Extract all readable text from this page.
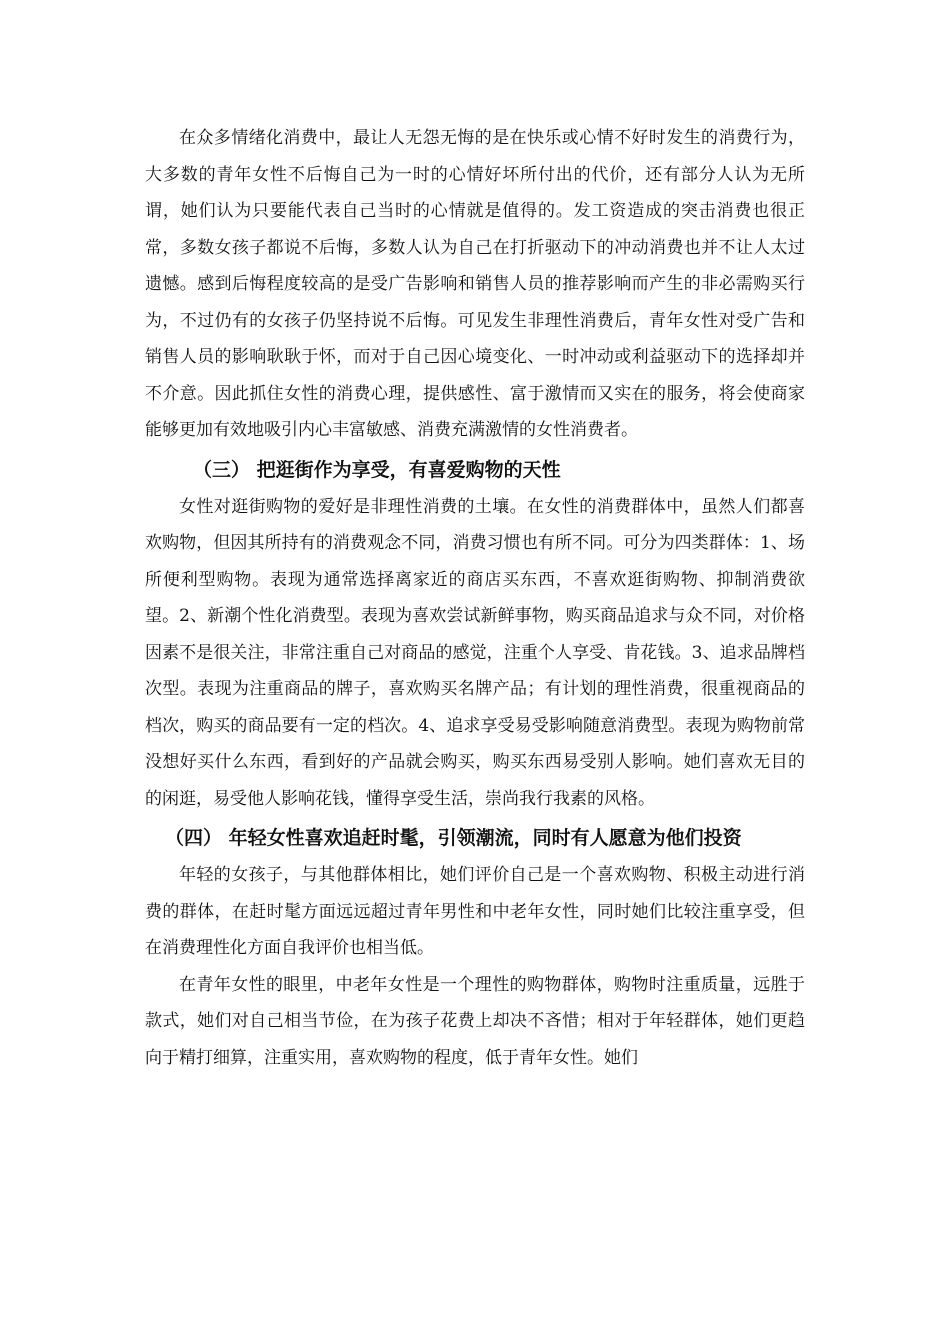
在众多情绪化消费中，最让人无怨无悔的是在快乐或心情不好时发生的消费行为，大多数的青年女性不后悔自己为一时的心情好坏所付出的代价，还有部分人认为无所谓，她们认为只要能代表自己当时的心情就是值得的。发工资造成的突击消费也很正常，多数女孩子都说不后悔，多数人认为自己在打折驱动下的冲动消费也并不让人太过遗憾。感到后悔程度较高的是受广告影响和销售人员的推荐影响而产生的非必需购买行为，不过仍有的女孩子仍坚持说不后悔。可见发生非理性消费后，青年女性对受广告和销售人员的影响耿耿于怀，而对于自己因心境变化、一时冲动或利益驱动下的选择却并不介意。因此抓住女性的消费心理，提供感性、富于激情而又实在的服务，将会使商家能够更加有效地吸引内心丰富敏感、消费充满激情的女性消费者。

（三） 把逛街作为享受，有喜爱购物的天性

女性对逛街购物的爱好是非理性消费的土壤。在女性的消费群体中，虽然人们都喜欢购物，但因其所持有的消费观念不同，消费习惯也有所不同。可分为四类群体：1、场所便利型购物。表现为通常选择离家近的商店买东西，不喜欢逛街购物、抑制消费欲望。2、新潮个性化消费型。表现为喜欢尝试新鲜事物，购买商品追求与众不同，对价格因素不是很关注，非常注重自己对商品的感觉，注重个人享受、肯花钱。3、追求品牌档次型。表现为注重商品的牌子，喜欢购买名牌产品；有计划的理性消费，很重视商品的档次，购买的商品要有一定的档次。4、追求享受易受影响随意消费型。表现为购物前常没想好买什么东西，看到好的产品就会购买，购买东西易受别人影响。她们喜欢无目的的闲逛，易受他人影响花钱，懂得享受生活，崇尚我行我素的风格。

（四） 年轻女性喜欢追赶时髦，引领潮流，同时有人愿意为他们投资

年轻的女孩子，与其他群体相比，她们评价自己是一个喜欢购物、积极主动进行消费的群体，在赶时髦方面远远超过青年男性和中老年女性，同时她们比较注重享受，但在消费理性化方面自我评价也相当低。

在青年女性的眼里，中老年女性是一个理性的购物群体，购物时注重质量，远胜于款式，她们对自己相当节俭，在为孩子花费上却决不吝惜；相对于年轻群体，她们更趋向于精打细算，注重实用，喜欢购物的程度，低于青年女性。她们
